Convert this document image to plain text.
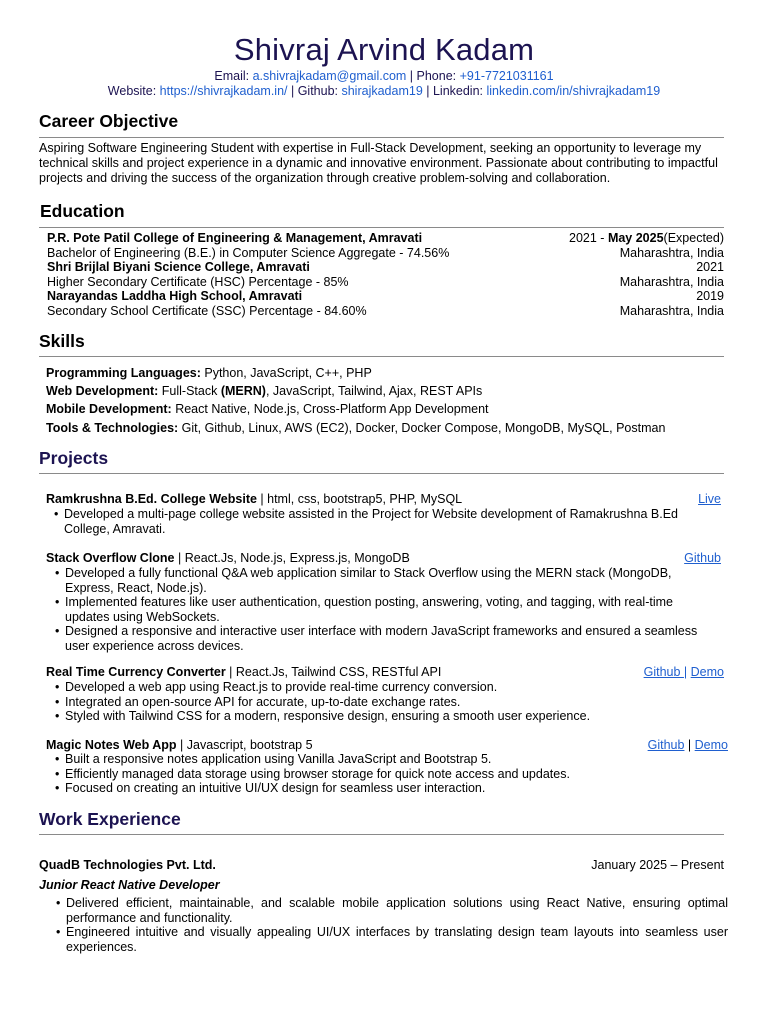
Shivraj Arvind Kadam
Email: a.shivrajkadam@gmail.com | Phone: +91-7721031161
Website: https://shivrajkadam.in/ | Github: shirajkadam19 | Linkedin: linkedin.com/in/shivrajkadam19
Career Objective
Aspiring Software Engineering Student with expertise in Full-Stack Development, seeking an opportunity to leverage my technical skills and project experience in a dynamic and innovative environment. Passionate about contributing to impactful projects and driving the success of the organization through creative problem-solving and collaboration.
Education
P.R. Pote Patil College of Engineering & Management, Amravati	2021 - May 2025(Expected)
Bachelor of Engineering (B.E.) in Computer Science Aggregate - 74.56%	Maharashtra, India
Shri Brijlal Biyani Science College, Amravati	2021
Higher Secondary Certificate (HSC) Percentage - 85%	Maharashtra, India
Narayandas Laddha High School, Amravati	2019
Secondary School Certificate (SSC) Percentage - 84.60%	Maharashtra, India
Skills
Programming Languages: Python, JavaScript, C++, PHP
Web Development: Full-Stack (MERN), JavaScript, Tailwind, Ajax, REST APIs
Mobile Development: React Native, Node.js, Cross-Platform App Development
Tools & Technologies: Git, Github, Linux, AWS (EC2), Docker, Docker Compose, MongoDB, MySQL, Postman
Projects
Ramkrushna B.Ed. College Website | html, css, bootstrap5, PHP, MySQL	Live
• Developed a multi-page college website assisted in the Project for Website development of Ramakrushna B.Ed
College, Amravati.
Stack Overflow Clone | React.Js, Node.js, Express.js, MongoDB	Github
• Developed a fully functional Q&A web application similar to Stack Overflow using the MERN stack (MongoDB, Express, React, Node.js).
• Implemented features like user authentication, question posting, answering, voting, and tagging, with real-time updates using WebSockets.
• Designed a responsive and interactive user interface with modern JavaScript frameworks and ensured a seamless user experience across devices.
Real Time Currency Converter | React.Js, Tailwind CSS, RESTful API	Github | Demo
• Developed a web app using React.js to provide real-time currency conversion.
• Integrated an open-source API for accurate, up-to-date exchange rates.
• Styled with Tailwind CSS for a modern, responsive design, ensuring a smooth user experience.
Magic Notes Web App | Javascript, bootstrap 5	Github | Demo
• Built a responsive notes application using Vanilla JavaScript and Bootstrap 5.
• Efficiently managed data storage using browser storage for quick note access and updates.
• Focused on creating an intuitive UI/UX design for seamless user interaction.
Work Experience
QuadB Technologies Pvt. Ltd.	January 2025 – Present
Junior React Native Developer
• Delivered efficient, maintainable, and scalable mobile application solutions using React Native, ensuring optimal performance and functionality.
• Engineered intuitive and visually appealing UI/UX interfaces by translating design team layouts into seamless user experiences.
